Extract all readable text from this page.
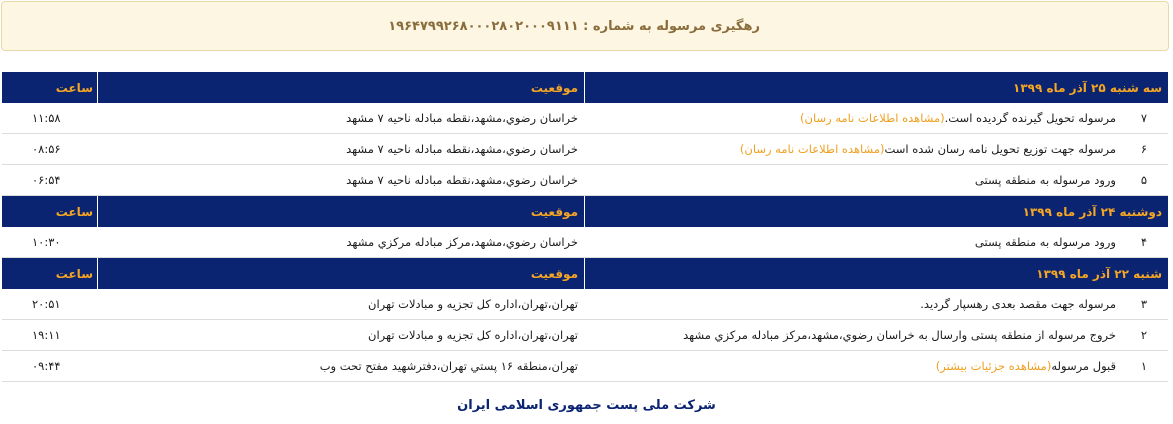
رهگیری مرسوله به شماره : ۱۹۶۴۷۹۹۲۶۸۰۰۰۲۸۰۲۰۰۰۹۱۱۱
سه شنبه ۲۵ آذر ماه ۱۳۹۹
موقعیت
ساعت
۷
مرسوله تحویل گیرنده گردیده است.(مشاهده اطلاعات نامه رسان)
خراسان رضوي،مشهد،نقطه مبادله ناحيه ۷ مشهد
۱۱:۵۸
۶
مرسوله جهت توزیع تحویل نامه رسان شده است(مشاهده اطلاعات نامه رسان)
خراسان رضوي،مشهد،نقطه مبادله ناحيه ۷ مشهد
۰۸:۵۶
۵
ورود مرسوله به منطقه پستی
خراسان رضوي،مشهد،نقطه مبادله ناحيه ۷ مشهد
۰۶:۵۴
دوشنبه ۲۴ آذر ماه ۱۳۹۹
موقعیت
ساعت
۴
ورود مرسوله به منطقه پستی
خراسان رضوي،مشهد،مركز مبادله مركزي مشهد
۱۰:۳۰
شنبه ۲۲ آذر ماه ۱۳۹۹
موقعیت
ساعت
۳
مرسوله جهت مقصد بعدی رهسپار گردید.
تهران،تهران،اداره كل تجزيه و مبادلات تهران
۲۰:۵۱
۲
خروج مرسوله از منطقه پستی وارسال به خراسان رضوي،مشهد،مركز مبادله مركزي مشهد
تهران،تهران،اداره كل تجزيه و مبادلات تهران
۱۹:۱۱
۱
قبول مرسوله(مشاهده جزئیات بیشتر)
تهران،منطقه ۱۶ پستي تهران،دفترشهيد مفتح تحت وب
۰۹:۴۴
شرکت ملی پست جمهوری اسلامی ایران
